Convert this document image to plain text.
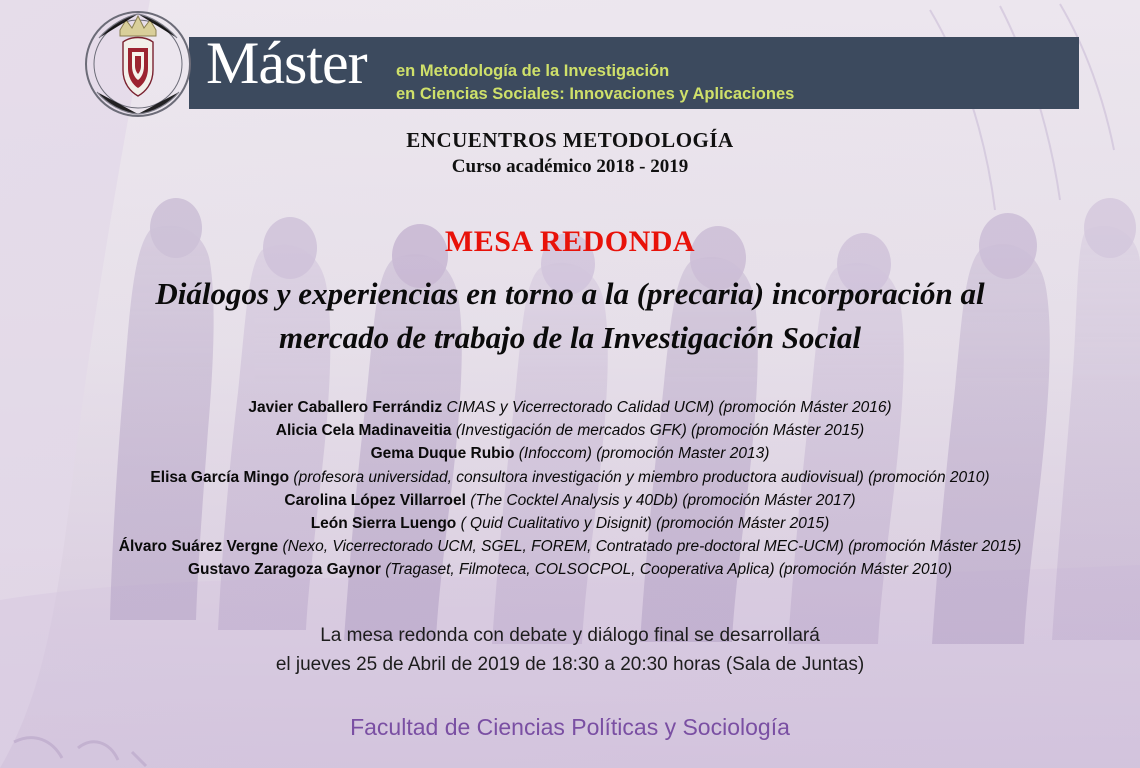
Máster en Metodología de la Investigación
en Ciencias Sociales: Innovaciones y Aplicaciones
ENCUENTROS METODOLOGÍA
Curso académico 2018 - 2019
MESA REDONDA
Diálogos y experiencias en torno a la (precaria) incorporación al
mercado de trabajo de la Investigación Social
Javier Caballero Ferrándiz CIMAS y Vicerrectorado Calidad UCM) (promoción Máster 2016)
Alicia Cela Madinaveitia (Investigación de mercados GFK) (promoción Máster 2015)
Gema Duque Rubio (Infoccom) (promoción Master 2013)
Elisa García Mingo (profesora universidad, consultora investigación y miembro productora audiovisual) (promoción 2010)
Carolina López Villarroel (The Cocktel Analysis y 40Db) (promoción Máster 2017)
León Sierra Luengo ( Quid Cualitativo y Disignit) (promoción Máster 2015)
Álvaro Suárez Vergne (Nexo, Vicerrectorado UCM, SGEL, FOREM, Contratado pre-doctoral MEC-UCM) (promoción Máster 2015)
Gustavo Zaragoza Gaynor (Tragaset, Filmoteca, COLSOCPOL, Cooperativa Aplica) (promoción Máster 2010)
La mesa redonda con debate y diálogo final se desarrollará
el jueves 25 de Abril de 2019 de 18:30 a 20:30 horas (Sala de Juntas)
Facultad de Ciencias Políticas y Sociología
